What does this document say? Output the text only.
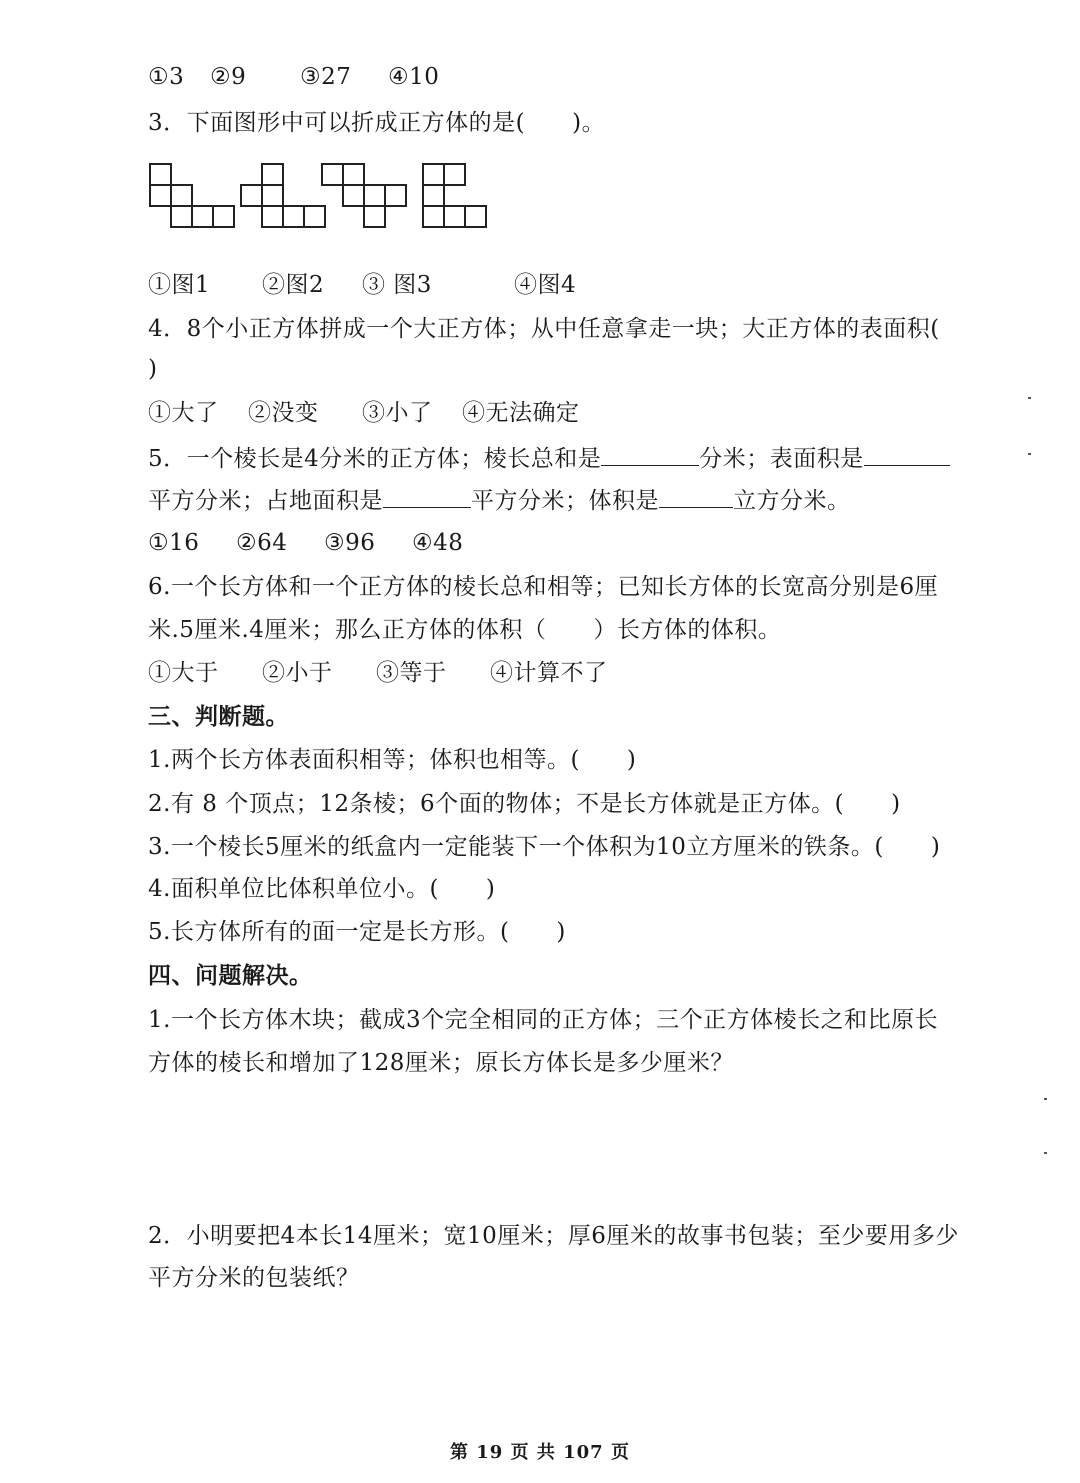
①3 ②9 ③27 ④10
3．下面图形中可以折成正方体的是(　　)。
①图1 ②图2 ③ 图3	④图4
4．8个小正方体拼成一个大正方体；从中任意拿走一块；大正方体的表面积(
)
①大了 ②没变 ③小了 ④无法确定
5．一个棱长是4分米的正方体；棱长总和是	分米；表面积是
平方分米；占地面积是	平方分米；体积是	立方分米。
①16 ②64 ③96 ④48
6.一个长方体和一个正方体的棱长总和相等；已知长方体的长宽高分别是6厘
米.5厘米.4厘米；那么正方体的体积（　　）长方体的体积。
①大于 ②小于 ③等于 ④计算不了
三、判断题。
1.两个长方体表面积相等；体积也相等。(　　)
2.有 8 个顶点；12条棱；6个面的物体；不是长方体就是正方体。(　　)
3.一个棱长5厘米的纸盒内一定能装下一个体积为10立方厘米的铁条。(　　)
4.面积单位比体积单位小。(　　)
5.长方体所有的面一定是长方形。(　　)
四、问题解决。
1.一个长方体木块；截成3个完全相同的正方体；三个正方体棱长之和比原长
方体的棱长和增加了128厘米；原长方体长是多少厘米？
2．小明要把4本长14厘米；宽10厘米；厚6厘米的故事书包装；至少要用多少
平方分米的包装纸？
第 19 页 共 107 页
